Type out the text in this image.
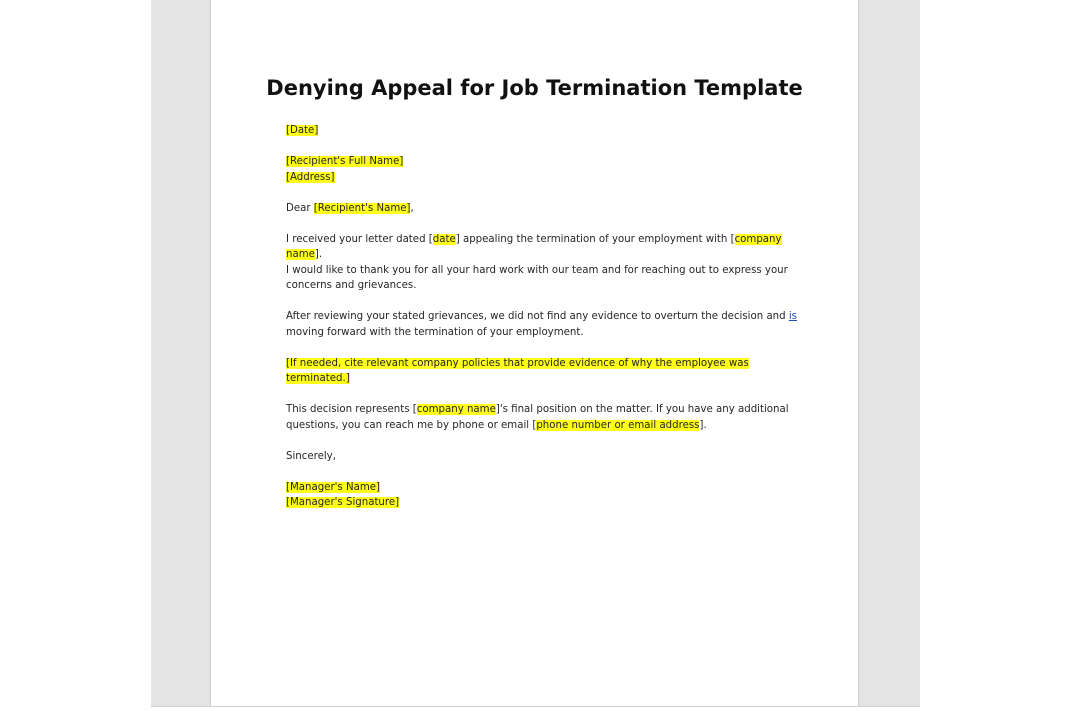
Denying Appeal for Job Termination Template

[Date]

[Recipient's Full Name]
[Address]

Dear [Recipient's Name],

I received your letter dated [date] appealing the termination of your employment with [company name].
I would like to thank you for all your hard work with our team and for reaching out to express your concerns and grievances.

After reviewing your stated grievances, we did not find any evidence to overturn the decision and is moving forward with the termination of your employment.

[If needed, cite relevant company policies that provide evidence of why the employee was terminated.]

This decision represents [company name]'s final position on the matter. If you have any additional questions, you can reach me by phone or email [phone number or email address].

Sincerely,

[Manager's Name]
[Manager's Signature]
